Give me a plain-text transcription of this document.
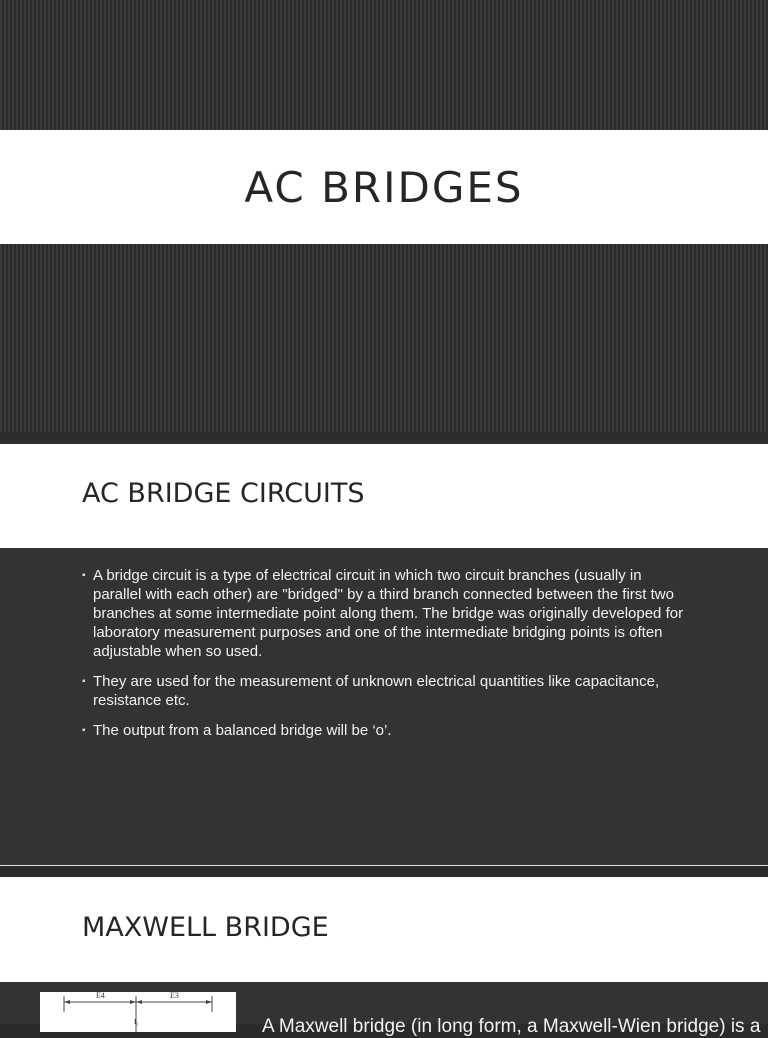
AC BRIDGES
AC BRIDGE CIRCUITS
▪ A bridge circuit is a type of electrical circuit in which two circuit branches (usually in parallel with each other) are "bridged" by a third branch connected between the first two branches at some intermediate point along them. The bridge was originally developed for laboratory measurement purposes and one of the intermediate bridging points is often adjustable when so used.
▪ They are used for the measurement of unknown electrical quantities like capacitance, resistance etc.
▪ The output from a balanced bridge will be ‘o’.
MAXWELL BRIDGE
E4	E3
I₁	A Maxwell bridge (in long form, a Maxwell-Wien bridge) is a
